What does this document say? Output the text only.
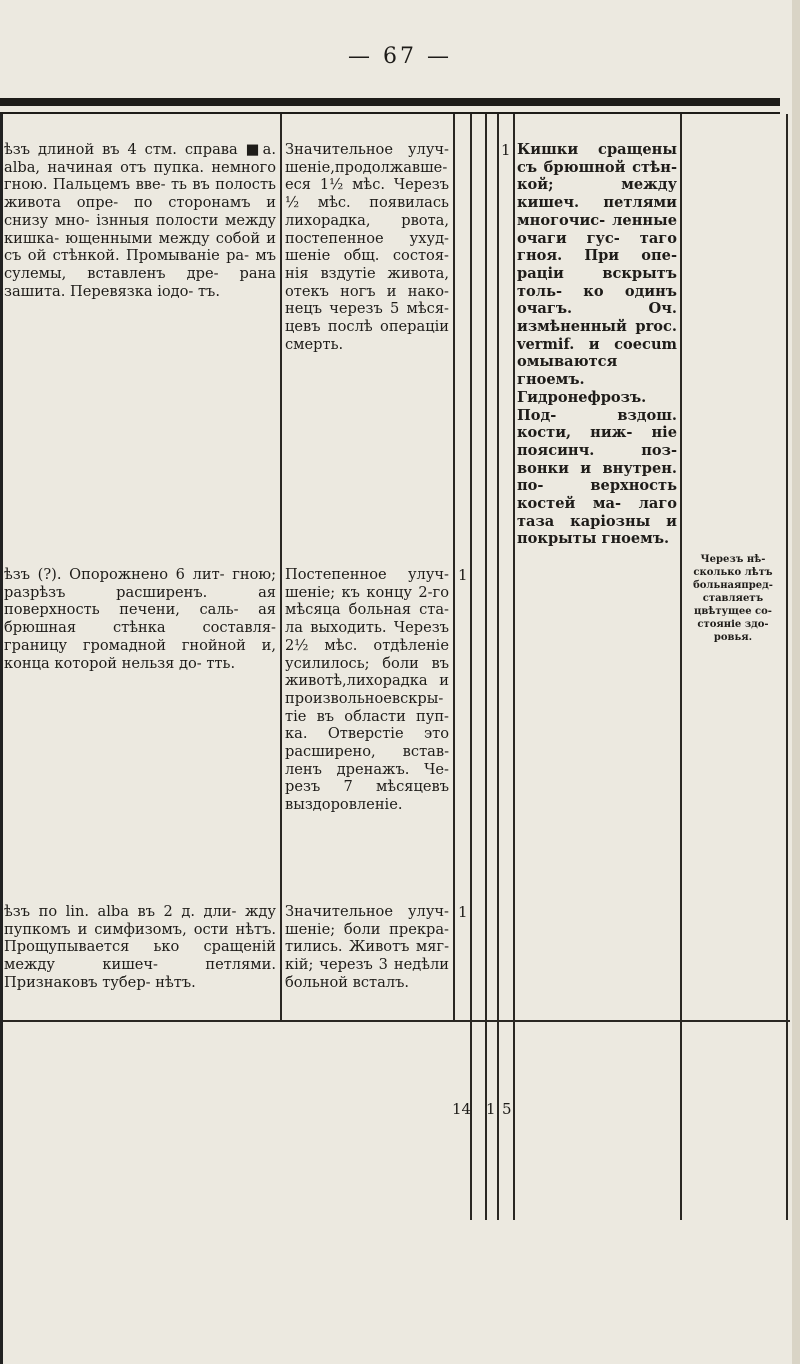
— 67 —
ѣзъ длиной въ 4 стм. справа ■a. alba, начиная отъ пупка. немного гною. Пальцемъ вве- ть въ полость живота опре- по сторонамъ и снизу мно- ізнныя полости между кишка- ющенными между собой и съ ой стѣнкой. Промываніе ра- мъ сулемы, вставленъ дре- рана зашита. Перевязка іодо- тъ.
Значительное улуч- шеніе,продолжавше- еся 1½ мѣс. Черезъ ½ мѣс. появилась лихорадка, рвота, постепенное ухуд- шеніе общ. состоя- нія вздутіе живота, отекъ ногъ и нако- нецъ черезъ 5 мѣся- цевъ послѣ операціи смерть.
1 Кишки сращены съ брюшной стѣн- кой; между кишеч. петлями многочис- ленные очаги гус- таго гноя. При опе- раціи вскрытъ толь- ко одинъ очагъ. Оч. измѣненный proc. vermif. и coecum омываются гноемъ. Гидронефрозъ. Под- вздош. кости, ниж- ніе поясинч. поз- вонки и внутрен. по- верхность костей ма- лаго таза каріозны и покрыты гноемъ.
ѣзъ (?). Опорожнено 6 лит- гною; разрѣзъ расширенъ. ая поверхность печени, саль- ая брюшная стѣнка составля- границу громадной гнойной и, конца которой нельзя до- тть.
Постепенное улуч- шеніе; къ концу 2-го мѣсяца больная ста- ла выходить. Черезъ 2½ мѣс. отдѣленіе усилилось; боли въ животѣ,лихорадка и произвольноевскры- тіе въ области пуп- ка. Отверстіе это расширено, встав- ленъ дренажъ. Че- резъ 7 мѣсяцевъ выздоровленіе.
1
Черезъ нѣ- сколько лѣтъ больнаяпред- ставляетъ цвѣтущее со- стояніе здо- ровья.
ѣзъ по lin. alba въ 2 д. дли- жду пупкомъ и симфизомъ, ости нѣтъ. Прощупывается ько сращеній между кишеч- петлями. Признаковъ тубер- нѣтъ.
Значительное улуч- шеніе; боли прекра- тились. Животъ мяг- кій; черезъ 3 недѣли больной всталъ.
1
14 1 5
